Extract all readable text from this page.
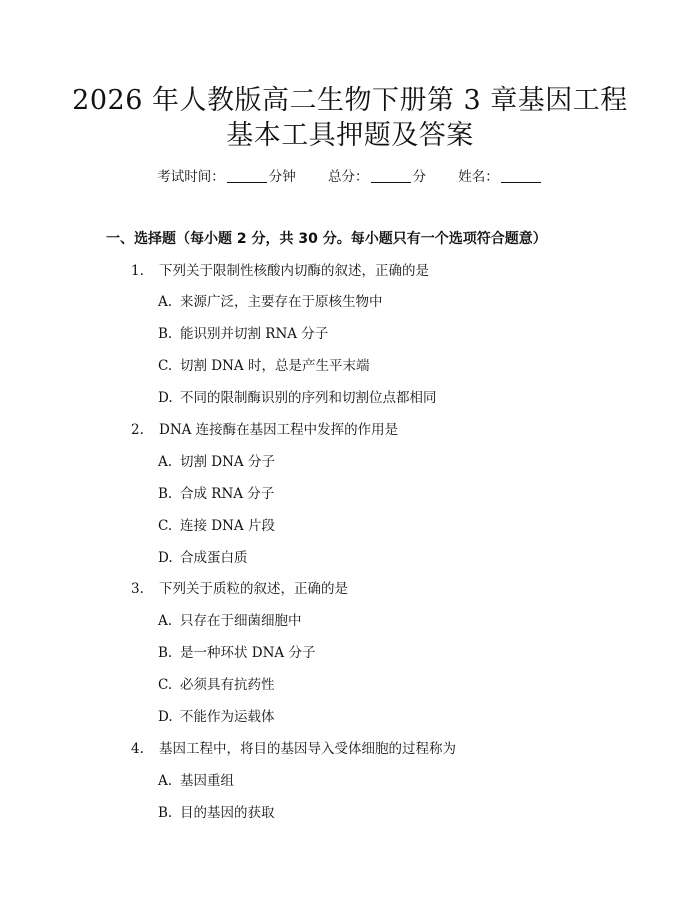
2026 年人教版高二生物下册第 3 章基因工程
基本工具押题及答案
考试时间：	分钟 总分：	分 姓名：
一、选择题（每小题 2 分，共 30 分。每小题只有一个选项符合题意）
1. 下列关于限制性核酸内切酶的叙述，正确的是
A. 来源广泛，主要存在于原核生物中
B. 能识别并切割 RNA 分子
C. 切割 DNA 时，总是产生平末端
D. 不同的限制酶识别的序列和切割位点都相同
2. DNA 连接酶在基因工程中发挥的作用是
A. 切割 DNA 分子
B. 合成 RNA 分子
C. 连接 DNA 片段
D. 合成蛋白质
3. 下列关于质粒的叙述，正确的是
A. 只存在于细菌细胞中
B. 是一种环状 DNA 分子
C. 必须具有抗药性
D. 不能作为运载体
4. 基因工程中，将目的基因导入受体细胞的过程称为
A. 基因重组
B. 目的基因的获取
